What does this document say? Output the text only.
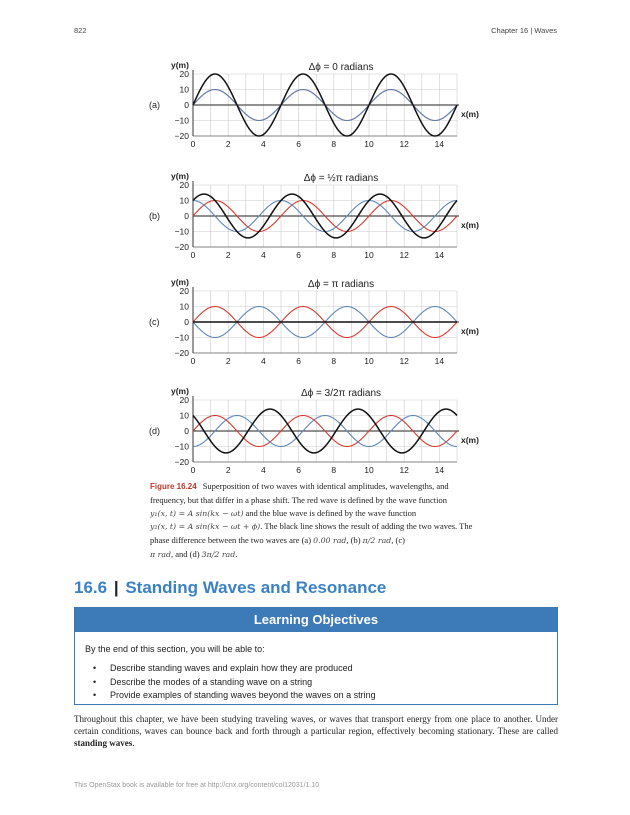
822	Chapter 16 | Waves
20
10
0
−10
−20
0	2	4	6	8	10	12	14
y(m)
x(m)
Δϕ = 0 radians
(a)
20
10
0
−10
−20
0	2	4	6	8	10	12	14
y(m)
x(m)
Δϕ = ½π radians
(b)
20
10
0
−10
−20
0	2	4	6	8	10	12	14
y(m)
x(m)
Δϕ = π radians
(c)
20
10
0
−10
−20
0	2	4	6	8	10	12	14
y(m)
x(m)
Δϕ = 3/2π radians
(d)
Figure 16.24 Superposition of two waves with identical amplitudes, wavelengths, and frequency, but that differ in a phase shift. The red wave is defined by the wave function
y₁(x, t) = A sin(kx − ωt) and the blue wave is defined by the wave function
y₂(x, t) = A sin(kx − ωt + ϕ). The black line shows the result of adding the two waves. The phase difference between the two waves are (a) 0.00 rad, (b) π/2 rad, (c)
π rad, and (d) 3π/2 rad.
16.6 | Standing Waves and Resonance
Learning Objectives
By the end of this section, you will be able to:
• Describe standing waves and explain how they are produced
• Describe the modes of a standing wave on a string
• Provide examples of standing waves beyond the waves on a string
Throughout this chapter, we have been studying traveling waves, or waves that transport energy from one place to another. Under certain conditions, waves can bounce back and forth through a particular region, effectively becoming stationary. These are called standing waves.
This OpenStax book is available for free at http://cnx.org/content/col12031/1.10
